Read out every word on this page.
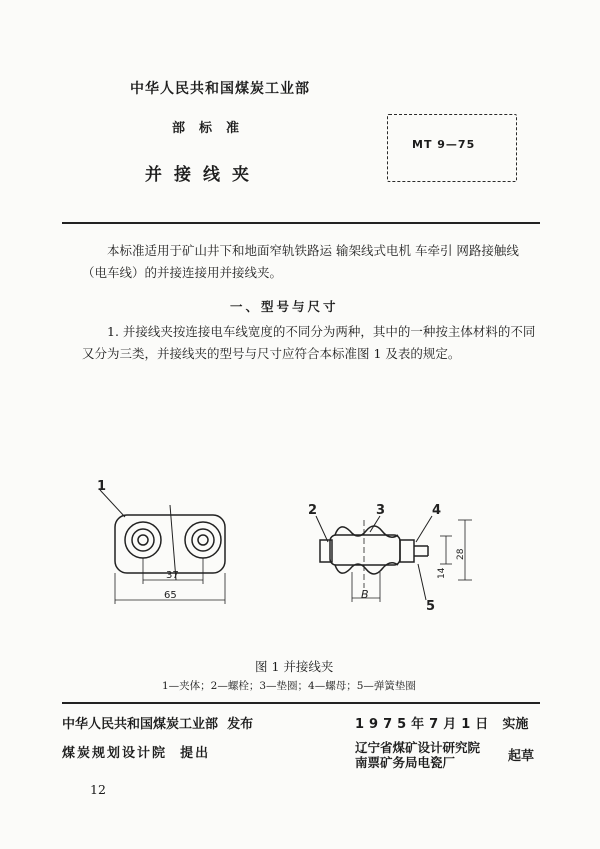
中华人民共和国煤炭工业部
部标准
并接线夹
MT 9—75
本标准适用于矿山井下和地面窄轨铁路运 输架线式电机 车牵引 网路接触线（电车线）的并接连接用并接线夹。
一、型号与尺寸
1. 并接线夹按连接电车线宽度的不同分为两种，其中的一种按主体材料的不同又分为三类，并接线夹的型号与尺寸应符合本标准图 1 及表的规定。
1
37
65
2	3	4
5
B
14
28
图 1 并接线夹
1—夹体；2—螺栓；3—垫圈；4—螺母；5—弹簧垫圈
中华人民共和国煤炭工业部 发布
煤炭规划设计院 提出
1975年7月1日 实施
辽宁省煤矿设计研究院
南票矿务局电瓷厂	起草
12
